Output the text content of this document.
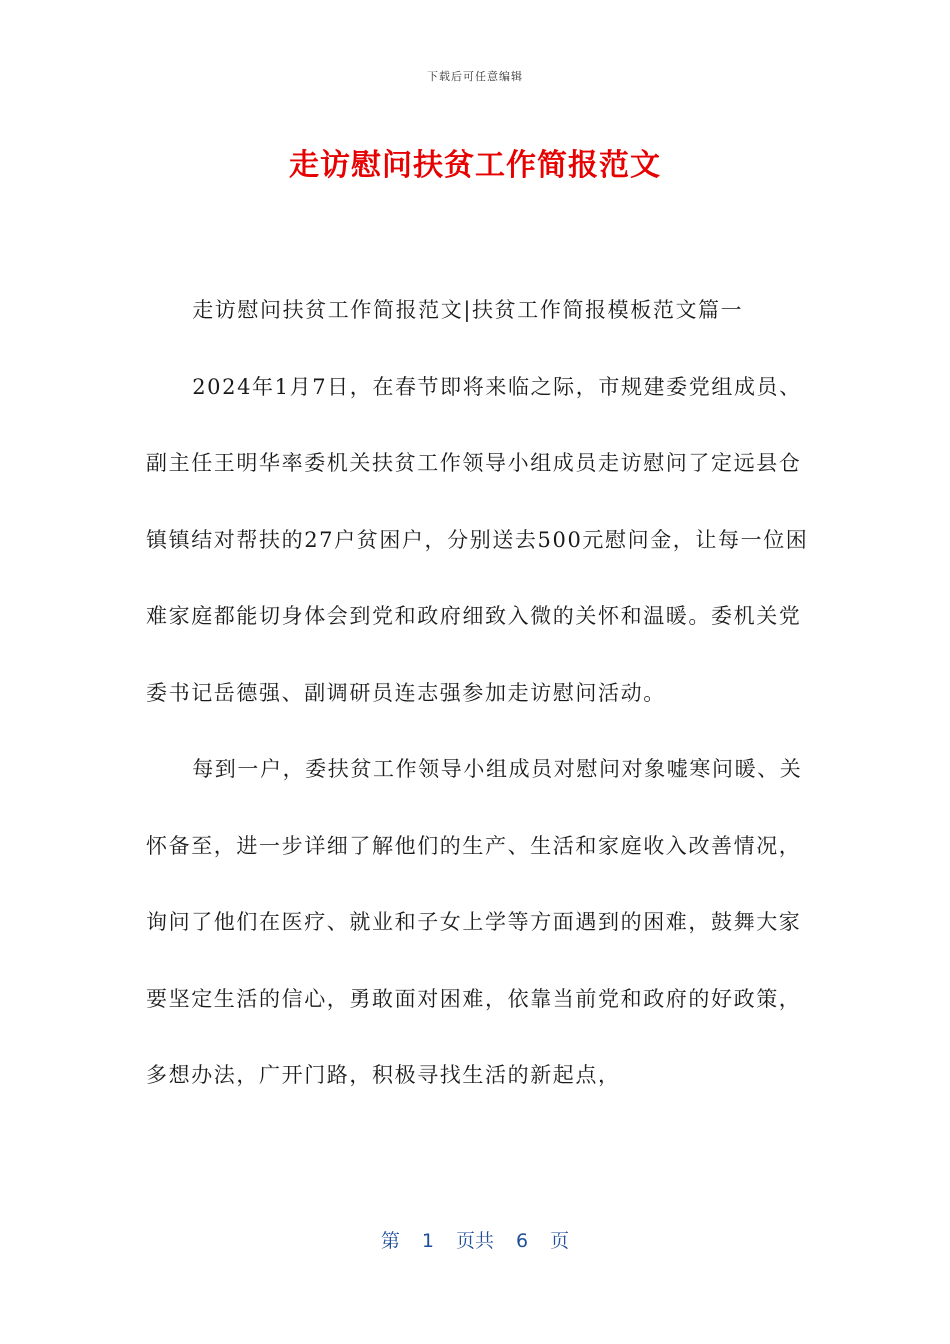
下载后可任意编辑
走访慰问扶贫工作简报范文

走访慰问扶贫工作简报范文|扶贫工作简报模板范文篇一

2024年1月7日，在春节即将来临之际，市规建委党组成员、副主任王明华率委机关扶贫工作领导小组成员走访慰问了定远县仓镇镇结对帮扶的27户贫困户，分别送去500元慰问金，让每一位困难家庭都能切身体会到党和政府细致入微的关怀和温暖。委机关党委书记岳德强、副调研员连志强参加走访慰问活动。

每到一户，委扶贫工作领导小组成员对慰问对象嘘寒问暖、关怀备至，进一步详细了解他们的生产、生活和家庭收入改善情况，询问了他们在医疗、就业和子女上学等方面遇到的困难，鼓舞大家要坚定生活的信心，勇敢面对困难，依靠当前党和政府的好政策，多想办法，广开门路，积极寻找生活的新起点，

第 1 页共 6 页
